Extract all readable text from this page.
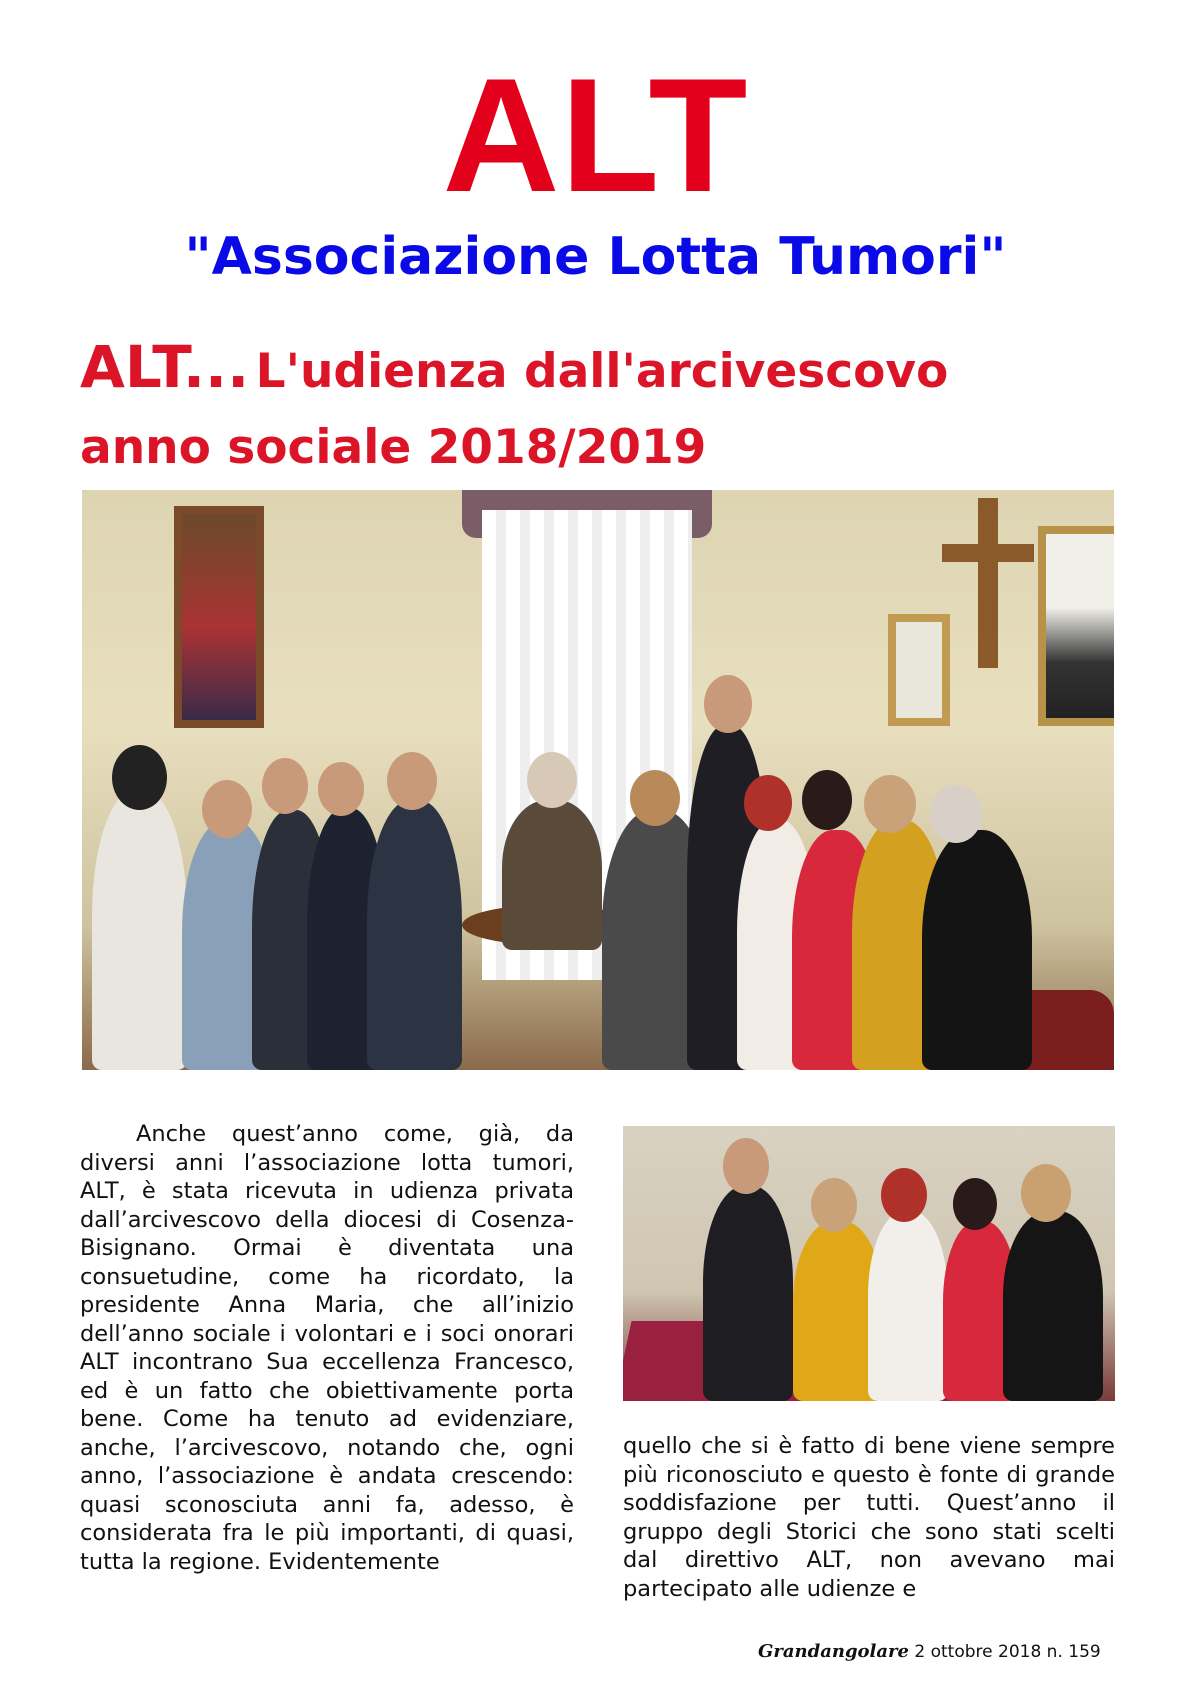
ALT
"Associazione Lotta Tumori"
ALT... L'udienza dall'arcivescovo
anno sociale 2018/2019

Anche quest’anno come, già, da diversi anni l’associazione lotta tumori, ALT, è stata ricevuta in udienza privata dall’arcivescovo della diocesi di Cosenza-Bisignano. Ormai è diventata una consuetudine, come ha ricordato, la presidente Anna Maria, che all’inizio dell’anno sociale i volontari e i soci onorari ALT incontrano Sua eccellenza Francesco, ed è un fatto che obiettivamente porta bene. Come ha tenuto ad evidenziare, anche, l’arcivescovo, notando che, ogni anno, l’associazione è andata crescendo: quasi sconosciuta anni fa, adesso, è considerata fra le più importanti, di quasi, tutta la regione. Evidentemente

quello che si è fatto di bene viene sempre più riconosciuto e questo è fonte di grande soddisfazione per tutti. Quest’anno il gruppo degli Storici che sono stati scelti dal direttivo ALT, non avevano mai partecipato alle udienze e

Grandangolare 2 ottobre 2018 n. 159
